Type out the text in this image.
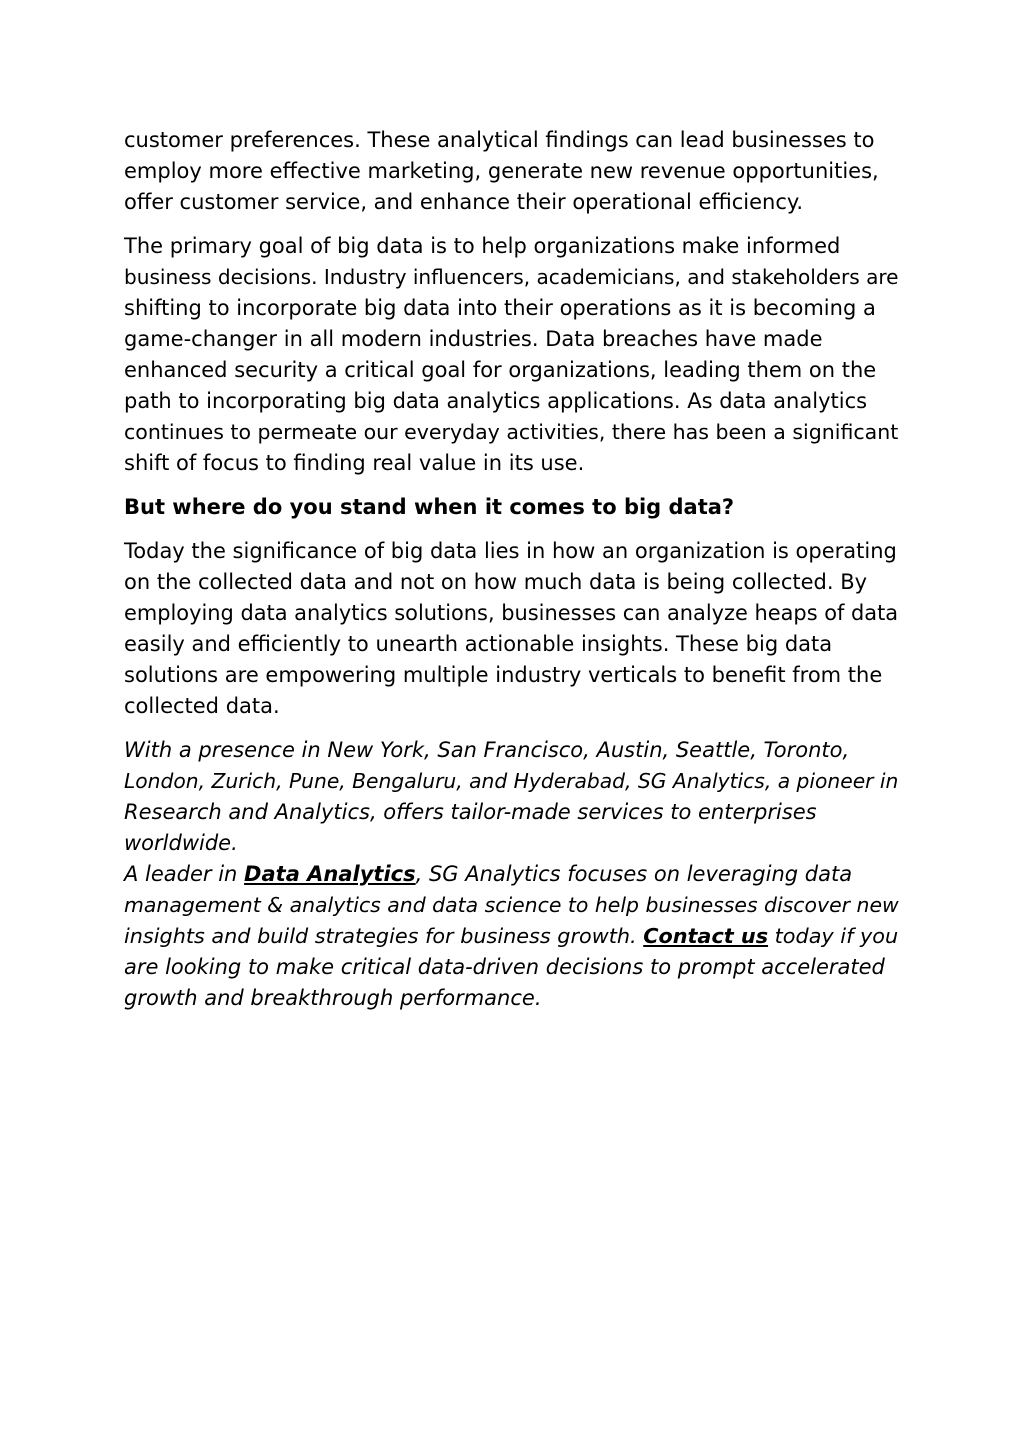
customer preferences. These analytical findings can lead businesses to
employ more effective marketing, generate new revenue opportunities,
offer customer service, and enhance their operational efficiency.

The primary goal of big data is to help organizations make informed
business decisions. Industry influencers, academicians, and stakeholders are
shifting to incorporate big data into their operations as it is becoming a
game-changer in all modern industries. Data breaches have made
enhanced security a critical goal for organizations, leading them on the
path to incorporating big data analytics applications. As data analytics
continues to permeate our everyday activities, there has been a significant
shift of focus to finding real value in its use.

But where do you stand when it comes to big data?

Today the significance of big data lies in how an organization is operating
on the collected data and not on how much data is being collected. By
employing data analytics solutions, businesses can analyze heaps of data
easily and efficiently to unearth actionable insights. These big data
solutions are empowering multiple industry verticals to benefit from the
collected data.

With a presence in New York, San Francisco, Austin, Seattle, Toronto,
London, Zurich, Pune, Bengaluru, and Hyderabad, SG Analytics, a pioneer in
Research and Analytics, offers tailor-made services to enterprises
worldwide.

A leader in Data Analytics, SG Analytics focuses on leveraging data
management & analytics and data science to help businesses discover new
insights and build strategies for business growth. Contact us today if you
are looking to make critical data-driven decisions to prompt accelerated
growth and breakthrough performance.
